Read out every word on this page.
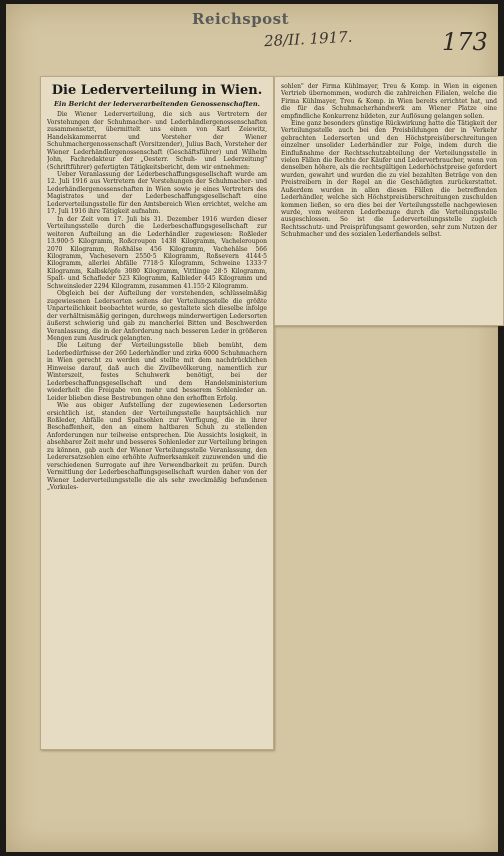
Reichspost
28/II. 1917.	173
Die Lederverteilung in Wien.
Ein Bericht der lederverarbeitenden Genossenschaften.

Die Wiener Lederverteilung, die sich aus Vertretern der Vorstehungen der Schuhmacher- und Lederhändlergenossenschaften zusammensetzt, übermittelt uns einen von Karl Zeiewitz, Handelskammerrat und Vorsteher der Wiener Schuhmachergenossenschaft (Vorsitzender), Julius Bach, Vorsteher der Wiener Lederhändlergenossenschaft (Geschäftsführer) und Wilhelm John, Fachredakteur der „Oesterr. Schuh- und Lederzeitung" (Schriftführer) gefertigten Tätigkeitsbericht, dem wir entnehmen:

Ueber Veranlassung der Lederbeschaffungsgesellschaft wurde am 12. Juli 1916 aus Vertretern der Vorstehungen der Schuhmacher- und Lederhändlergenossenschaften in Wien sowie je eines Vertreters des Magistrates und der Lederbeschaffungsgesellschaft eine Lederverteilungsstelle für den Amtsbereich Wien errichtet, welche am 17. Juli 1916 ihre Tätigkeit aufnahm.

In der Zeit vom 17. Juli bis 31. Dezember 1916 wurden dieser Verteilungsstelle durch die Lederbeschaffungsgesellschaft zur weiteren Aufteilung an die Lederhändler zugewiesen: Roßleder 13.900·5 Kilogramm, Roßcroupon 1438 Kilogramm, Vacheleroupon 2070 Kilogramm, Roßhälse 456 Kilogramm, Vachehälse 566 Kilogramm, Vachesevern 2550·5 Kilogramm, Roßsevern 4144·5 Kilogramm, allerlei Abfälle 7718·5 Kilogramm, Schweine 1333·7 Kilogramm, Kalbsköpfe 3080 Kilogramm, Vittlinge 28·5 Kilogramm, Spalt- und Schafleder 523 Kilogramm, Kalbleder 445 Kilogramm und Schweinsleder 2294 Kilogramm, zusammen 41.155·2 Kilogramm.

Obgleich bei der Aufteilung der vorstehenden, schlüsselmäßig zugewiesenen Ledersorten seitens der Verteilungsstelle die größte Unparteilichkeit beobachtet wurde, so gestaltete sich dieselbe infolge der verhältnismäßig geringen, durchwegs minderwertigen Ledersorten äußerst schwierig und gab zu mancherlei Bitten und Beschwerden Veranlassung, die in der Anforderung nach besseren Leder in größeren Mengen zum Ausdruck gelangten.

Die Leitung der Verteilungsstelle blieb bemüht, dem Lederbedürfnisse der 260 Lederhändler und zirka 6000 Schuhmachern in Wien gerecht zu werden und stellte mit dem nachdrücklichen Hinweise darauf, daß auch die Zivilbevölkerung, namentlich zur Winterszeit, festes Schuhwerk benötigt, bei der Lederbeschaffungsgesellschaft und dem Handelsministerium wiederholt die Freigabe von mehr und besserem Sohlenleder an. Leider blieben diese Bestrebungen ohne den erhofften Erfolg.

Wie aus obiger Aufstellung der zugewiesenen Ledersorten ersichtlich ist, standen der Verteilungsstelle hauptsächlich nur Roßleder, Abfälle und Spaltsohlen zur Verfügung, die in ihrer Beschaffenheit, den an einem haltbaren Schuh zu stellenden Anforderungen nur teilweise entsprechen. Die Aussichts losigkeit, in absehbarer Zeit mehr und besseres Sohlenleder zur Verteilung bringen zu können, gab auch der Wiener Verteilungsstelle Veranlassung, den Lederersatzsohlen eine erhöhte Aufmerksamkeit zuzuwenden und die verschiedenen Surrogate auf ihre Verwendbarkeit zu prüfen. Durch Vermittlung der Lederbeschaffungsgesellschaft wurden daher von der Wiener Lederverteilungsstelle die als sehr zweckmäßig befundenen „Vorkules-

sohlen" der Firma Kühlmayer, Treu & Komp. in Wien in eigenen Vertrieb übernommen, wodurch die zahlreichen Filialen, welche die Firma Kühlmayer, Treu & Komp. in Wien bereits errichtet hat, und die für das Schuhmacherhandwerk am Wiener Platze eine empfindliche Konkurrenz bildeten, zur Auflösung gelangen sollen.

Eine ganz besonders günstige Rückwirkung hatte die Tätigkeit der Verteilungsstelle auch bei den Preisbildungen der in Verkehr gebrachten Ledersorten und den Höchstpreisüberschreitungen einzelner unsolider Lederhändler zur Folge, indem durch die Einflußnahme der Rechtsschutzabteilung der Verteilungsstelle in vielen Fällen die Rechte der Käufer und Lederverbraucher, wenn von denselben höhere, als die rechtsgültigen Lederhöchstpreise gefordert wurden, gewahrt und wurden die zu viel bezahlten Beträge von den Preistreibern in der Regel an die Geschädigten zurückerstattet. Außerdem wurden in allen diesen Fällen die betreffenden Lederhändler, welche sich Höchstpreisüberschreitungen zuschulden kommen ließen, so era dies bei der Verteilungsstelle nachgewiesen wurde, vom weiteren Lederbezuge durch die Verteilungsstelle ausgeschlossen. So ist die Lederverteilungsstelle zugleich Rechtsschutz- und Preisprüfungsamt geworden, sehr zum Nutzen der Schuhmacher und des sozialen Lederhandels selbst.
